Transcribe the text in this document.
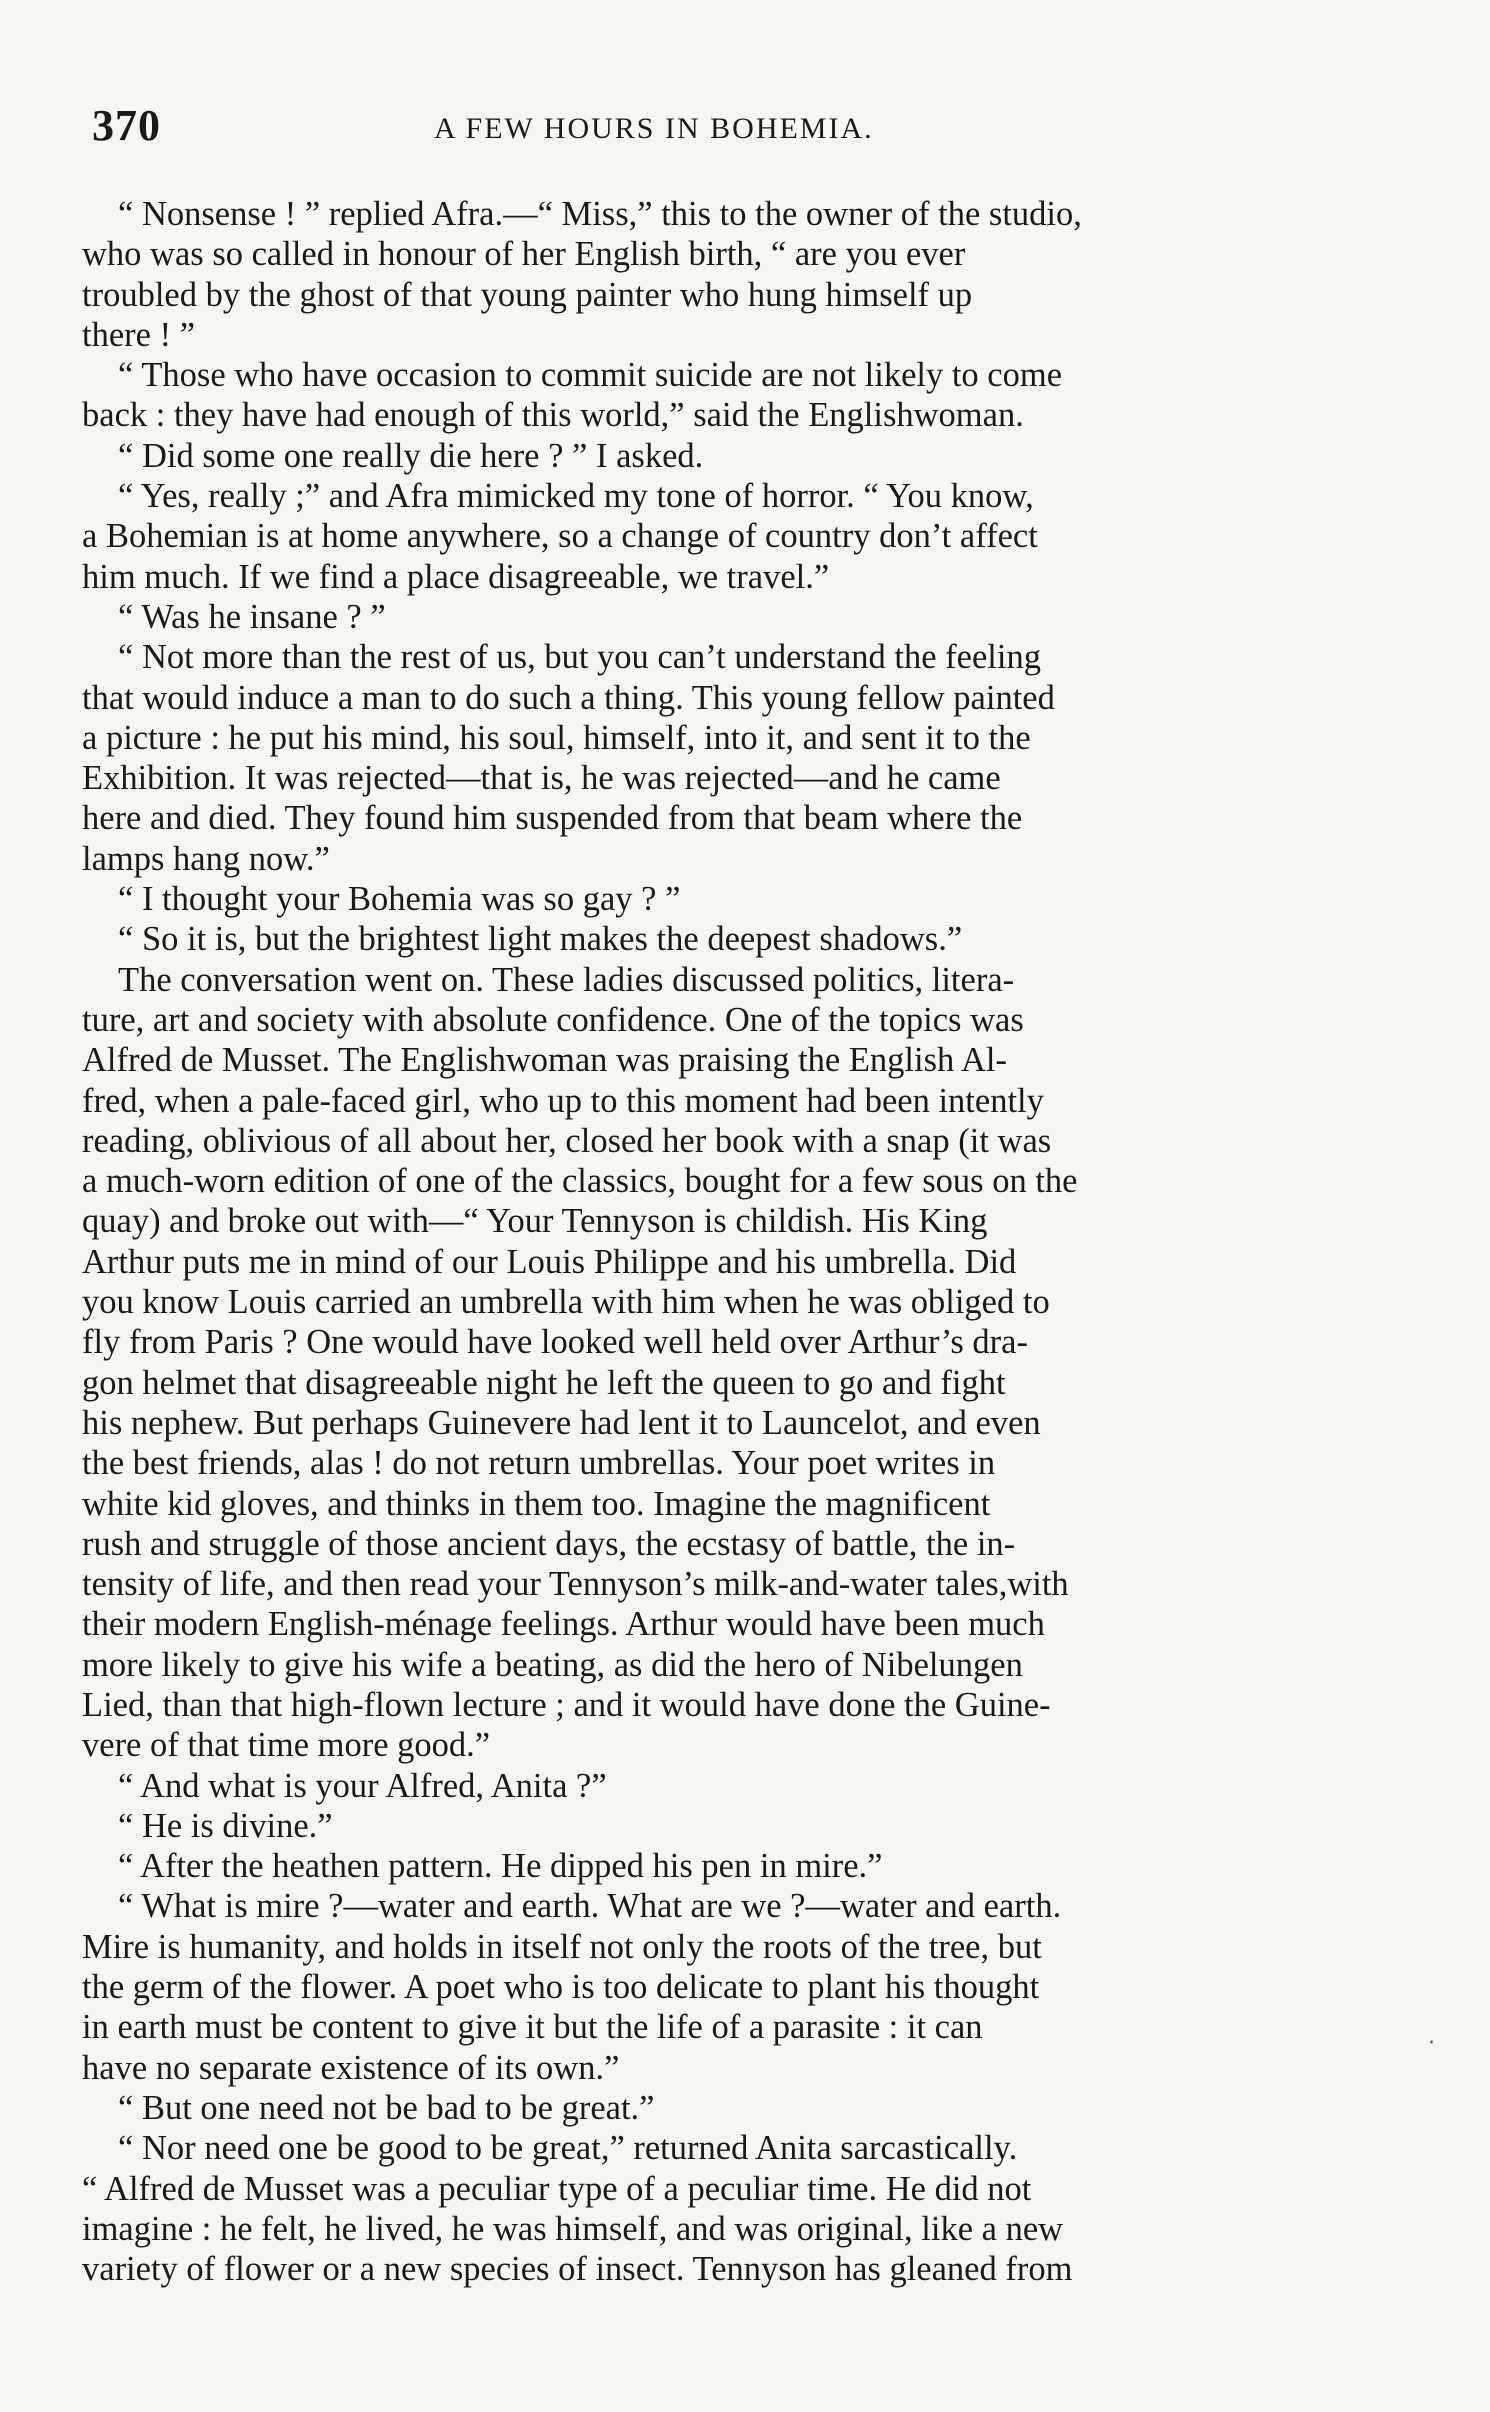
370	A FEW HOURS IN BOHEMIA.

“ Nonsense ! ” replied Afra.—“ Miss,” this to the owner of the studio,
who was so called in honour of her English birth, “ are you ever
troubled by the ghost of that young painter who hung himself up
there ! ”

“ Those who have occasion to commit suicide are not likely to come
back : they have had enough of this world,” said the Englishwoman.

“ Did some one really die here ? ” I asked.

“ Yes, really ;” and Afra mimicked my tone of horror. “ You know,
a Bohemian is at home anywhere, so a change of country don’t affect
him much. If we find a place disagreeable, we travel.”

“ Was he insane ? ”

“ Not more than the rest of us, but you can’t understand the feeling
that would induce a man to do such a thing. This young fellow painted
a picture : he put his mind, his soul, himself, into it, and sent it to the
Exhibition. It was rejected—that is, he was rejected—and he came
here and died. They found him suspended from that beam where the
lamps hang now.”

“ I thought your Bohemia was so gay ? ”

“ So it is, but the brightest light makes the deepest shadows.”

The conversation went on. These ladies discussed politics, litera-
ture, art and society with absolute confidence. One of the topics was
Alfred de Musset. The Englishwoman was praising the English Al-
fred, when a pale-faced girl, who up to this moment had been intently
reading, oblivious of all about her, closed her book with a snap (it was
a much-worn edition of one of the classics, bought for a few sous on the
quay) and broke out with—“ Your Tennyson is childish. His King
Arthur puts me in mind of our Louis Philippe and his umbrella. Did
you know Louis carried an umbrella with him when he was obliged to
fly from Paris ? One would have looked well held over Arthur’s dra-
gon helmet that disagreeable night he left the queen to go and fight
his nephew. But perhaps Guinevere had lent it to Launcelot, and even
the best friends, alas ! do not return umbrellas. Your poet writes in
white kid gloves, and thinks in them too. Imagine the magnificent
rush and struggle of those ancient days, the ecstasy of battle, the in-
tensity of life, and then read your Tennyson’s milk-and-water tales,with
their modern English-ménage feelings. Arthur would have been much
more likely to give his wife a beating, as did the hero of Nibelungen
Lied, than that high-flown lecture ; and it would have done the Guine-
vere of that time more good.”

“ And what is your Alfred, Anita ?”

“ He is divine.”

“ After the heathen pattern. He dipped his pen in mire.”

“ What is mire ?—water and earth. What are we ?—water and earth.
Mire is humanity, and holds in itself not only the roots of the tree, but
the germ of the flower. A poet who is too delicate to plant his thought
in earth must be content to give it but the life of a parasite : it can
have no separate existence of its own.”

“ But one need not be bad to be great.”

“ Nor need one be good to be great,” returned Anita sarcastically.
“ Alfred de Musset was a peculiar type of a peculiar time. He did not
imagine : he felt, he lived, he was himself, and was original, like a new
variety of flower or a new species of insect. Tennyson has gleaned from

‧
